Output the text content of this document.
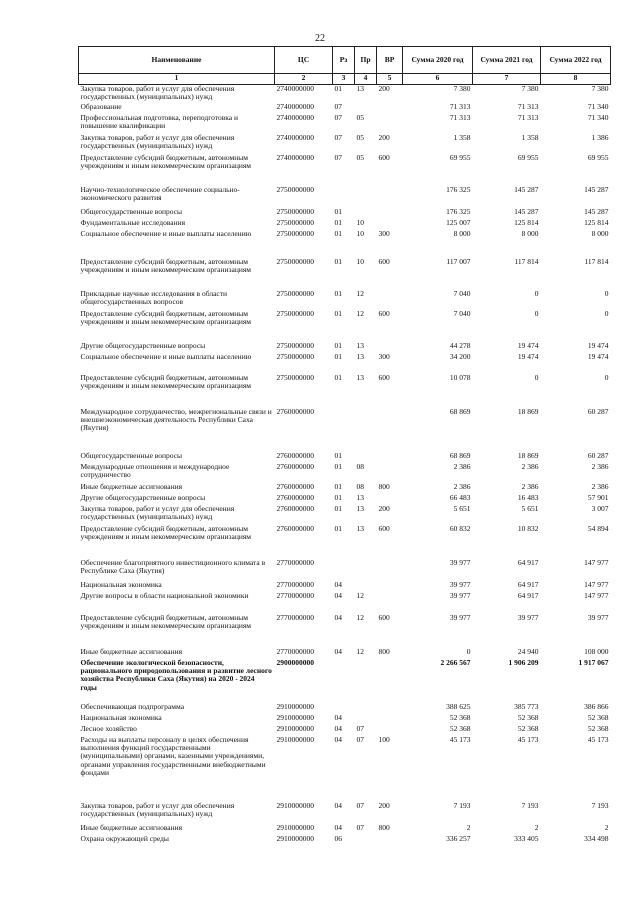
22
Наименование	ЦС	Рз	Пр	ВР	Сумма 2020 год	Сумма 2021 год	Сумма 2022 год
1	2	3	4	5	6	7	8
Закупка товаров, работ и услуг для обеспечения государственных (муниципальных) нужд	2740000000	01	13	200	7 380	7 380	7 380
Образование	2740000000	07			71 313	71 313	71 340
Профессиональная подготовка, переподготовка и повышение квалификации	2740000000	07	05		71 313	71 313	71 340
Закупка товаров, работ и услуг для обеспечения государственных (муниципальных) нужд	2740000000	07	05	200	1 358	1 358	1 386
Предоставление субсидий бюджетным, автономным учреждениям и иным некоммерческим организациям	2740000000	07	05	600	69 955	69 955	69 955
Научно-технологическое обеспечение социально-экономического развития	2750000000				176 325	145 287	145 287
Общегосударственные вопросы	2750000000	01			176 325	145 287	145 287
Фундаментальные исследования	2750000000	01	10		125 007	125 814	125 814
Социальное обеспечение и иные выплаты населению	2750000000	01	10	300	8 000	8 000	8 000
Предоставление субсидий бюджетным, автономным учреждениям и иным некоммерческим организациям	2750000000	01	10	600	117 007	117 814	117 814
Прикладные научные исследования в области общегосударственных вопросов	2750000000	01	12		7 040	0	0
Предоставление субсидий бюджетным, автономным учреждениям и иным некоммерческим организациям	2750000000	01	12	600	7 040	0	0
Другие общегосударственные вопросы	2750000000	01	13		44 278	19 474	19 474
Социальное обеспечение и иные выплаты населению	2750000000	01	13	300	34 200	19 474	19 474
Предоставление субсидий бюджетным, автономным учреждениям и иным некоммерческим организациям	2750000000	01	13	600	10 078	0	0
Международное сотрудничество, межрегиональные связи и внешнеэкономическая деятельность Республики Саха (Якутия)	2760000000				68 869	18 869	60 287
Общегосударственные вопросы	2760000000	01			68 869	18 869	60 287
Международные отношения и международное сотрудничество	2760000000	01	08		2 386	2 386	2 386
Иные бюджетные ассигнования	2760000000	01	08	800	2 386	2 386	2 386
Другие общегосударственные вопросы	2760000000	01	13		66 483	16 483	57 901
Закупка товаров, работ и услуг для обеспечения государственных (муниципальных) нужд	2760000000	01	13	200	5 651	5 651	3 007
Предоставление субсидий бюджетным, автономным учреждениям и иным некоммерческим организациям	2760000000	01	13	600	60 832	10 832	54 894
Обеспечение благоприятного инвестиционного климата в Республике Саха (Якутия)	2770000000				39 977	64 917	147 977
Национальная экономика	2770000000	04			39 977	64 917	147 977
Другие вопросы в области национальной экономики	2770000000	04	12		39 977	64 917	147 977
Предоставление субсидий бюджетным, автономным учреждениям и иным некоммерческим организациям	2770000000	04	12	600	39 977	39 977	39 977
Иные бюджетные ассигнования	2770000000	04	12	800	0	24 940	108 000
Обеспечение экологической безопасности, рационального природопользования и развитие лесного хозяйства Республики Саха (Якутия) на 2020 - 2024 годы	2900000000				2 266 567	1 906 209	1 917 067
Обеспечивающая подпрограмма	2910000000				388 625	385 773	386 866
Национальная экономика	2910000000	04			52 368	52 368	52 368
Лесное хозяйство	2910000000	04	07		52 368	52 368	52 368
Расходы на выплаты персоналу в целях обеспечения выполнения функций государственными (муниципальными) органами, казенными учреждениями, органами управления государственными внебюджетными фондами	2910000000	04	07	100	45 173	45 173	45 173
Закупка товаров, работ и услуг для обеспечения государственных (муниципальных) нужд	2910000000	04	07	200	7 193	7 193	7 193
Иные бюджетные ассигнования	2910000000	04	07	800	2	2	2
Охрана окружающей среды	2910000000	06			336 257	333 405	334 498
